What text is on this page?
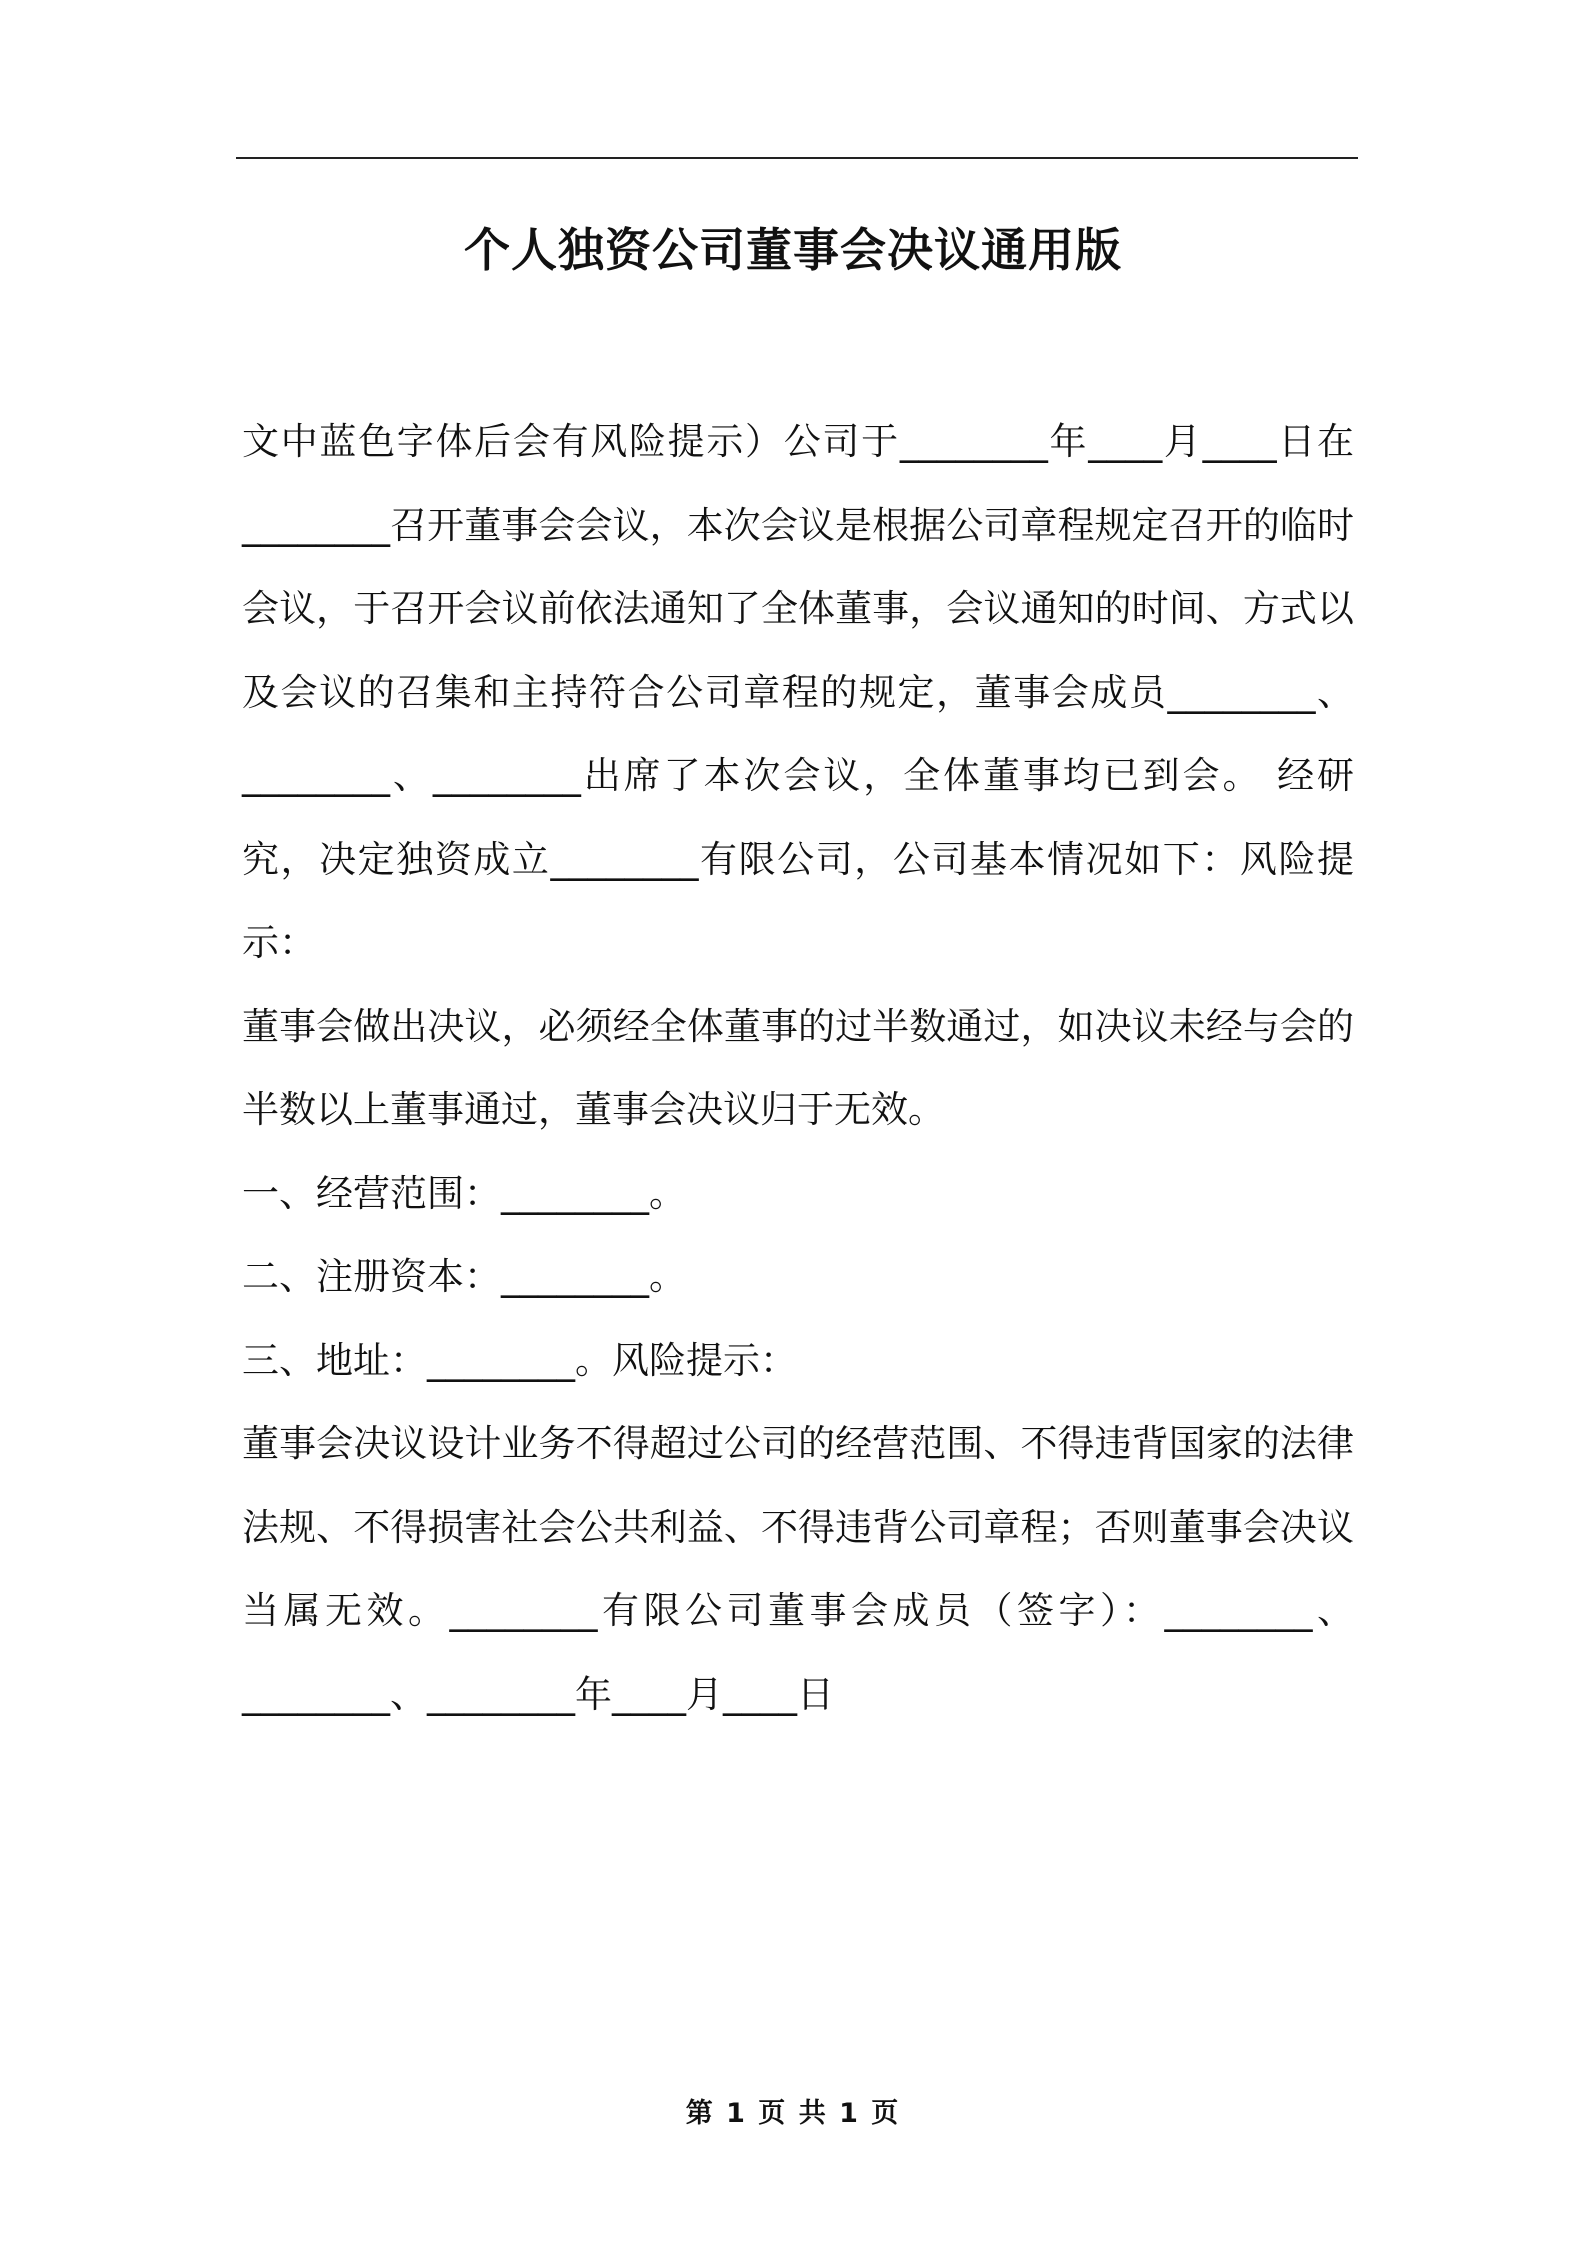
个人独资公司董事会决议通用版

文中蓝色字体后会有风险提示）公司于________年____月____日在________召开董事会会议，本次会议是根据公司章程规定召开的临时会议，于召开会议前依法通知了全体董事，会议通知的时间、方式以及会议的召集和主持符合公司章程的规定，董事会成员________、________、________出席了本次会议，全体董事均已到会。 经研究，决定独资成立________有限公司，公司基本情况如下：风险提示：

董事会做出决议，必须经全体董事的过半数通过，如决议未经与会的半数以上董事通过，董事会决议归于无效。

一、经营范围：________。

二、注册资本：________。

三、地址：________。风险提示：

董事会决议设计业务不得超过公司的经营范围、不得违背国家的法律法规、不得损害社会公共利益、不得违背公司章程；否则董事会决议当属无效。________有限公司董事会成员（签字）：________、________、________年____月____日

第 1 页 共 1 页
